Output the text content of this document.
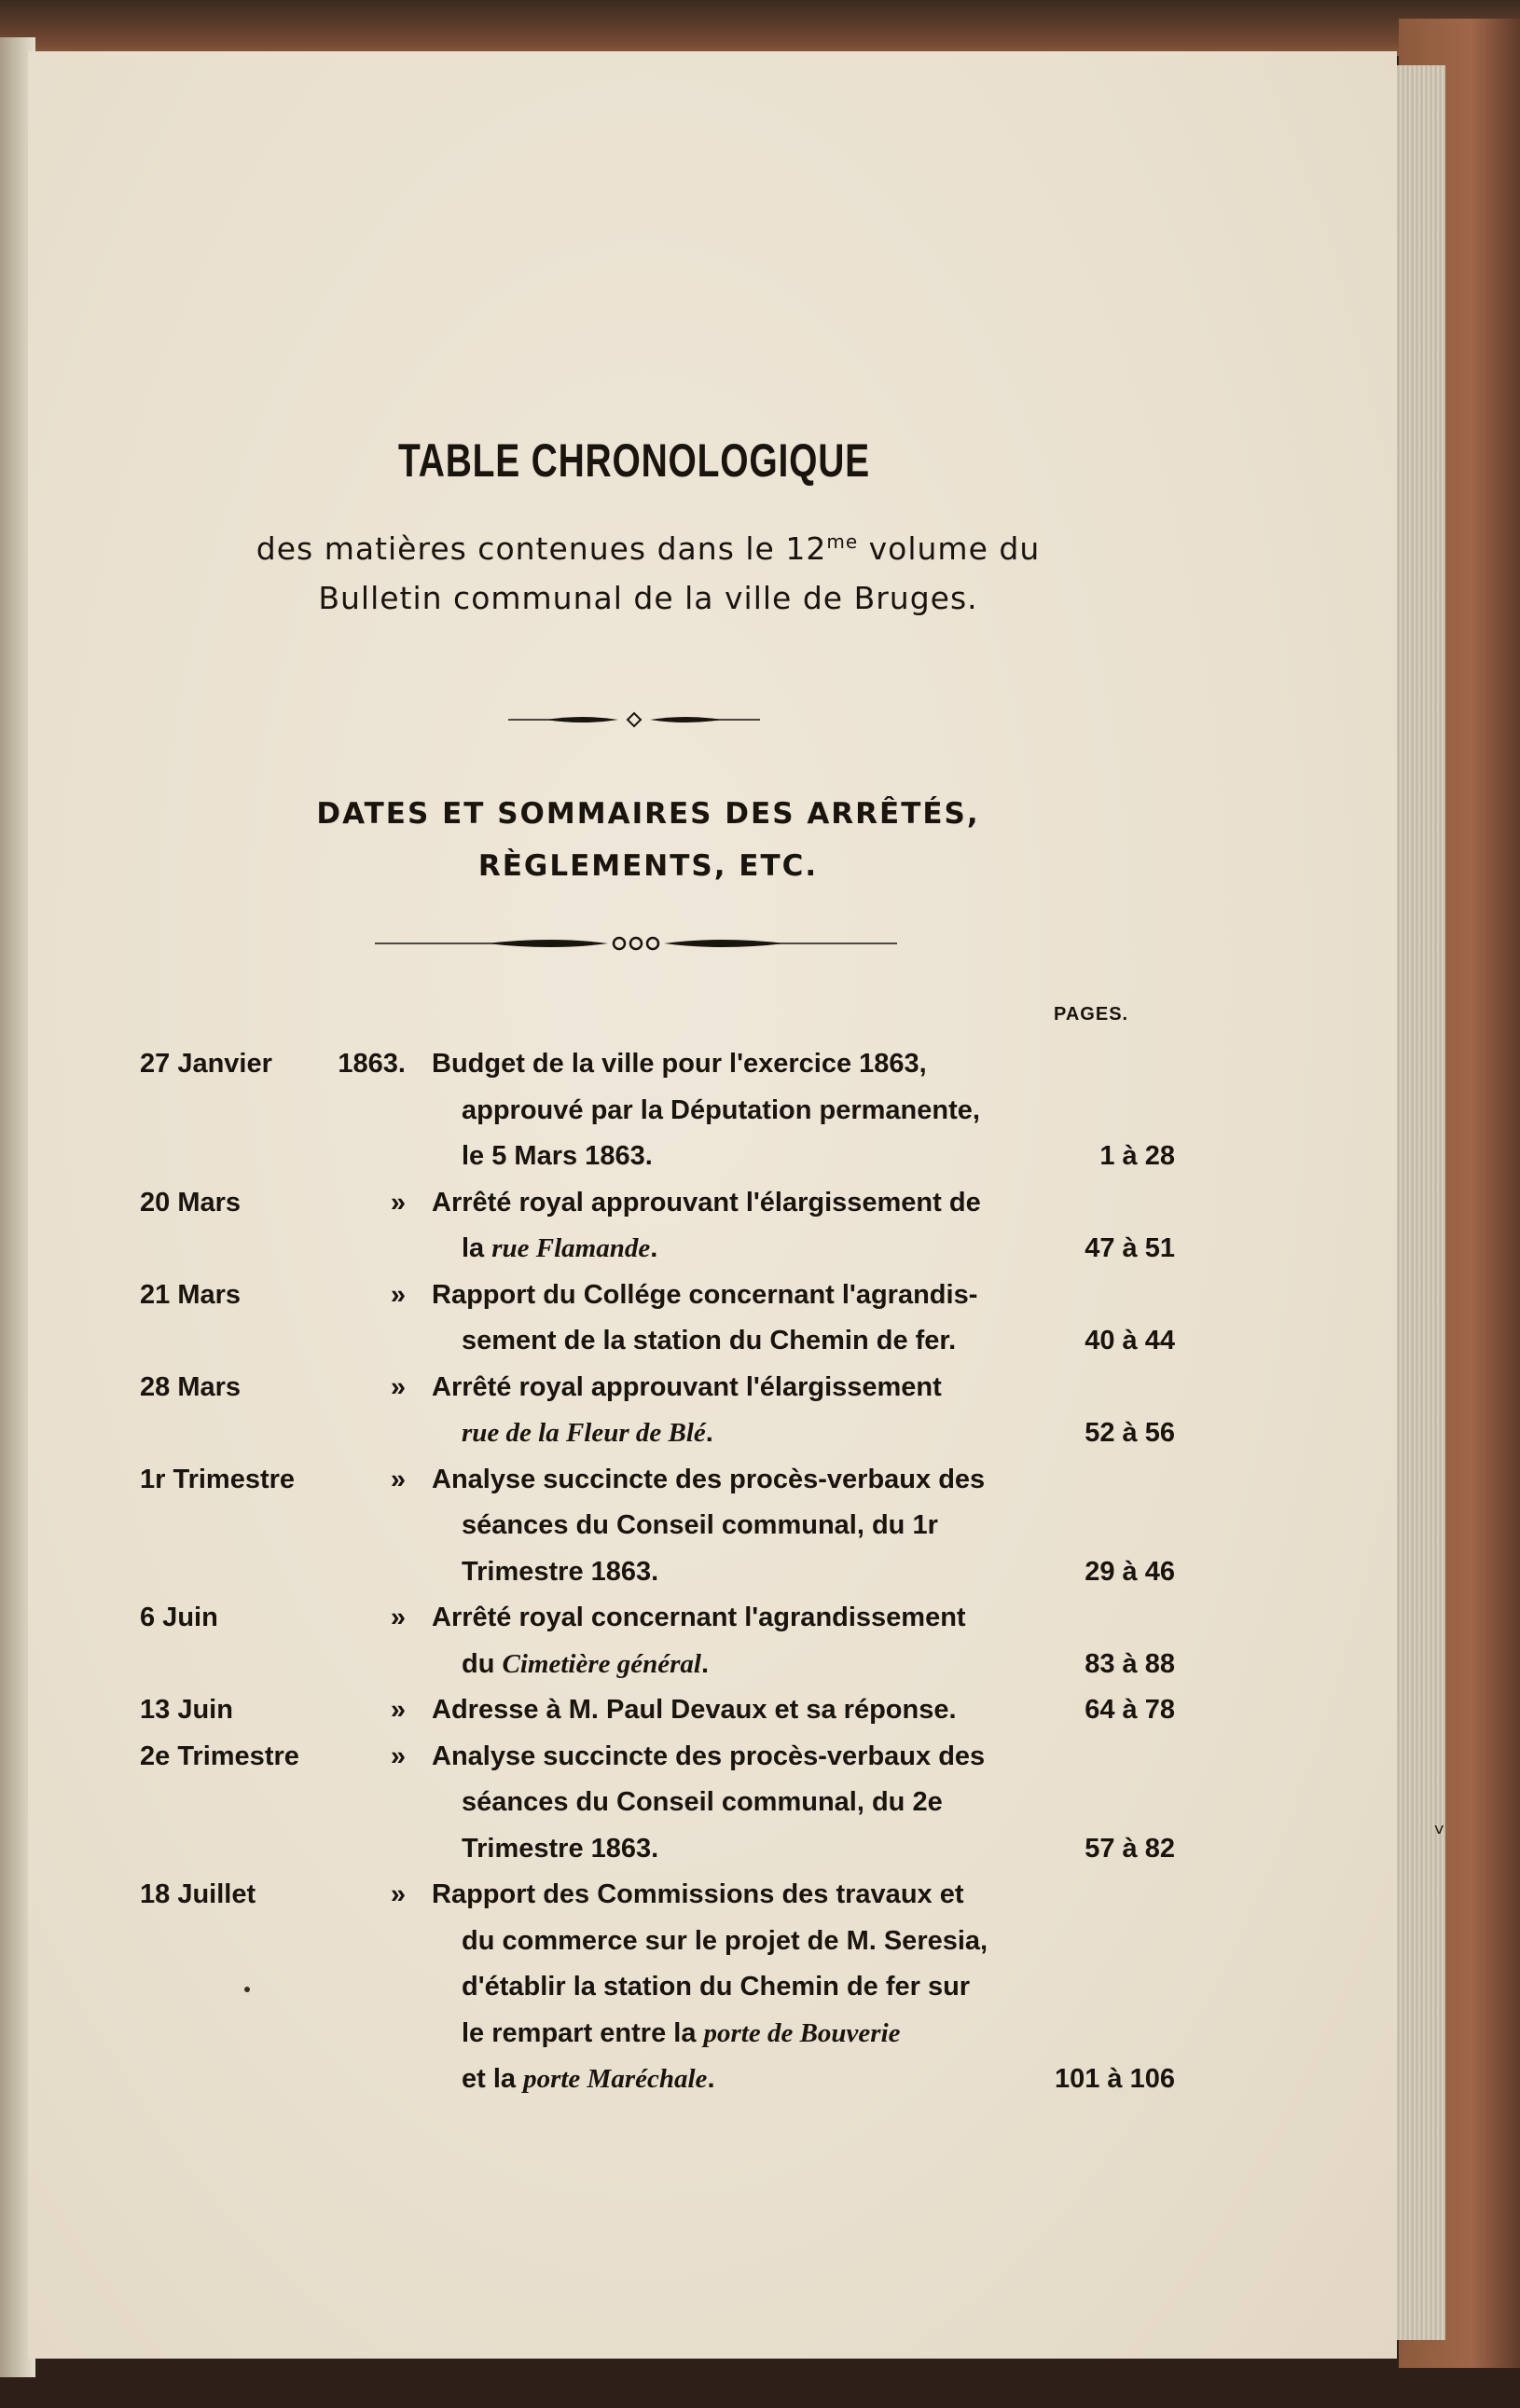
TABLE CHRONOLOGIQUE
des matières contenues dans le $12^{me}$ volume du
Bulletin communal de la ville de Bruges.
DATES ET SOMMAIRES DES ARRÊTÉS,
RÈGLEMENTS, ETC.
PAGES.
27 Janvier 1863. Budget de la ville pour l'exercice 1863,
approuvé par la Députation permanente,
le 5 Mars 1863.	1 à 28
20 Mars	» Arrêté royal approuvant l'élargissement de
la rue Flamande.	47 à 51
21 Mars	» Rapport du Collége concernant l'agrandis-
sement de la station du Chemin de fer.	40 à 44
28 Mars	» Arrêté royal approuvant l'élargissement
rue de la Fleur de Blé.	52 à 56
1r Trimestre	» Analyse succincte des procès-verbaux des
séances du Conseil communal, du 1r
Trimestre 1863.	29 à 46
6 Juin	» Arrêté royal concernant l'agrandissement
du Cimetière général.	83 à 88
13 Juin	» Adresse à M. Paul Devaux et sa réponse.	64 à 78
2e Trimestre	» Analyse succincte des procès-verbaux des
séances du Conseil communal, du 2e
Trimestre 1863.	57 à 82
18 Juillet	» Rapport des Commissions des travaux et
du commerce sur le projet de M. Seresia,
d'établir la station du Chemin de fer sur
le rempart entre la porte de Bouverie
et la porte Maréchale.	101 à 106
ᵛ
